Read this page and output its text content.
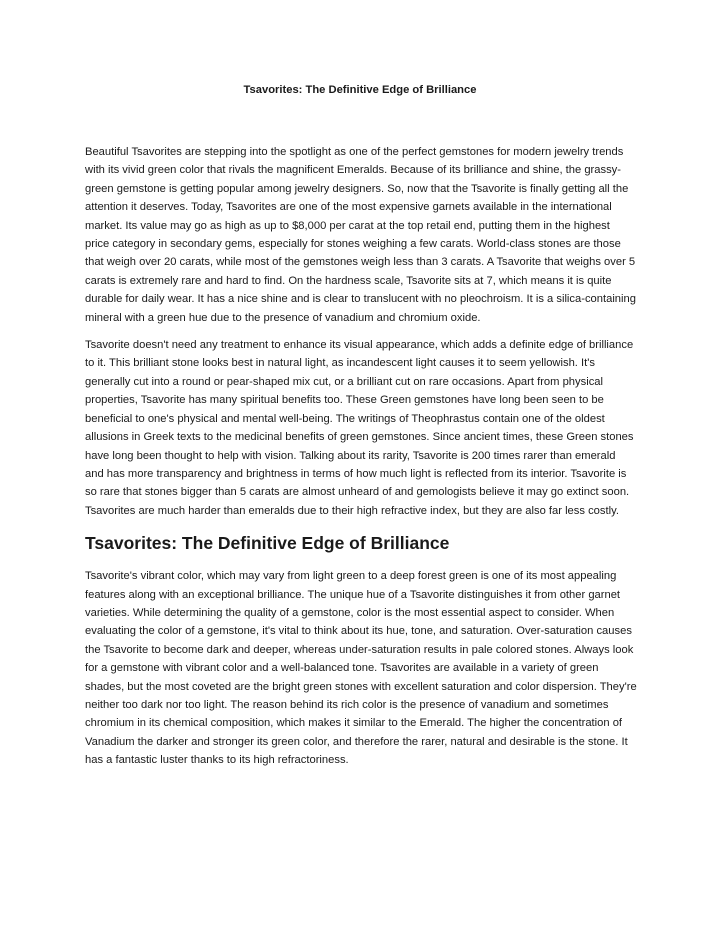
Tsavorites: The Definitive Edge of Brilliance

Beautiful Tsavorites are stepping into the spotlight as one of the perfect gemstones for modern jewelry trends with its vivid green color that rivals the magnificent Emeralds. Because of its brilliance and shine, the grassy-green gemstone is getting popular among jewelry designers. So, now that the Tsavorite is finally getting all the attention it deserves. Today, Tsavorites are one of the most expensive garnets available in the international market. Its value may go as high as up to $8,000 per carat at the top retail end, putting them in the highest price category in secondary gems, especially for stones weighing a few carats. World-class stones are those that weigh over 20 carats, while most of the gemstones weigh less than 3 carats. A Tsavorite that weighs over 5 carats is extremely rare and hard to find. On the hardness scale, Tsavorite sits at 7, which means it is quite durable for daily wear. It has a nice shine and is clear to translucent with no pleochroism. It is a silica-containing mineral with a green hue due to the presence of vanadium and chromium oxide.

Tsavorite doesn't need any treatment to enhance its visual appearance, which adds a definite edge of brilliance to it. This brilliant stone looks best in natural light, as incandescent light causes it to seem yellowish. It's generally cut into a round or pear-shaped mix cut, or a brilliant cut on rare occasions. Apart from physical properties, Tsavorite has many spiritual benefits too. These Green gemstones have long been seen to be beneficial to one's physical and mental well-being. The writings of Theophrastus contain one of the oldest allusions in Greek texts to the medicinal benefits of green gemstones. Since ancient times, these Green stones have long been thought to help with vision. Talking about its rarity, Tsavorite is 200 times rarer than emerald and has more transparency and brightness in terms of how much light is reflected from its interior. Tsavorite is so rare that stones bigger than 5 carats are almost unheard of and gemologists believe it may go extinct soon. Tsavorites are much harder than emeralds due to their high refractive index, but they are also far less costly.

Tsavorites: The Definitive Edge of Brilliance

Tsavorite's vibrant color, which may vary from light green to a deep forest green is one of its most appealing features along with an exceptional brilliance. The unique hue of a Tsavorite distinguishes it from other garnet varieties. While determining the quality of a gemstone, color is the most essential aspect to consider. When evaluating the color of a gemstone, it's vital to think about its hue, tone, and saturation. Over-saturation causes the Tsavorite to become dark and deeper, whereas under-saturation results in pale colored stones. Always look for a gemstone with vibrant color and a well-balanced tone. Tsavorites are available in a variety of green shades, but the most coveted are the bright green stones with excellent saturation and color dispersion. They're neither too dark nor too light. The reason behind its rich color is the presence of vanadium and sometimes chromium in its chemical composition, which makes it similar to the Emerald. The higher the concentration of Vanadium the darker and stronger its green color, and therefore the rarer, natural and desirable is the stone. It has a fantastic luster thanks to its high refractoriness.
